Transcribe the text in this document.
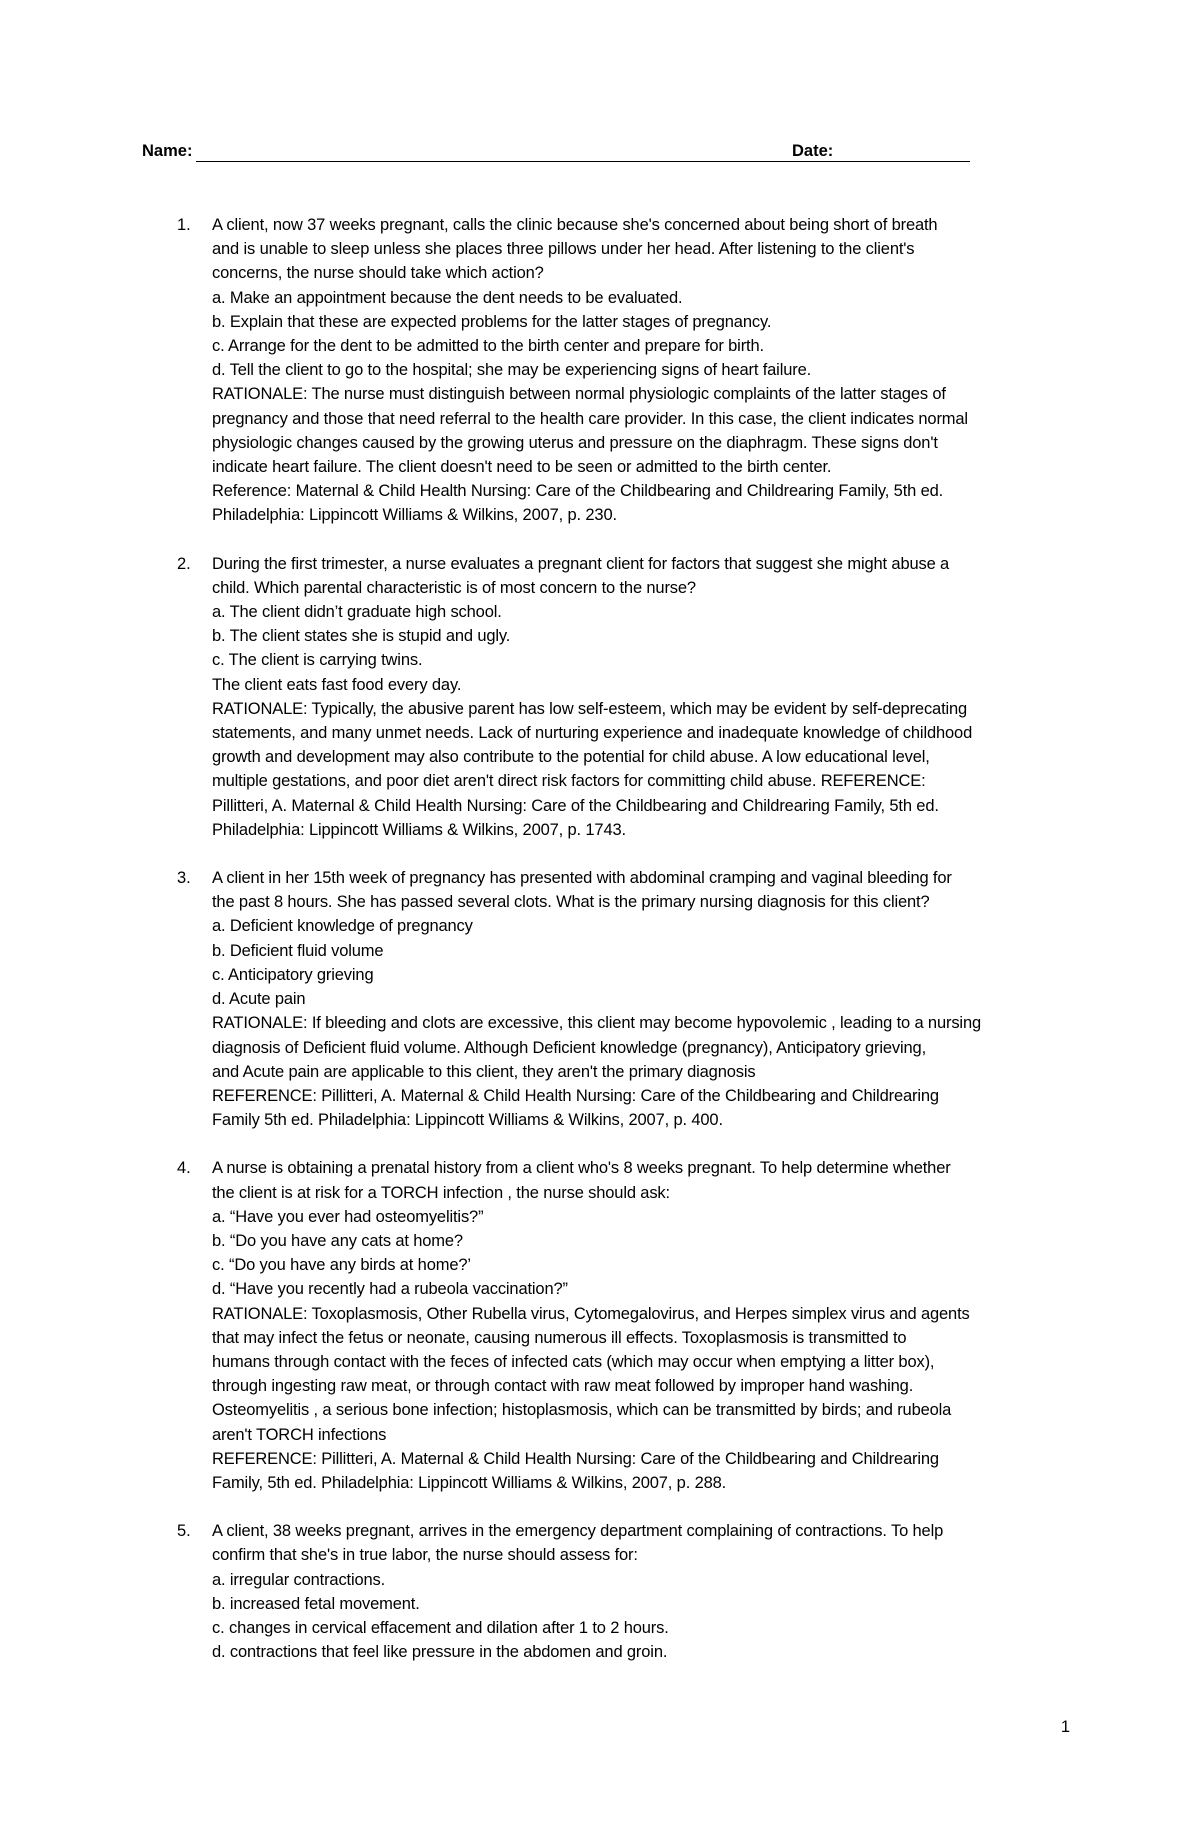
Name:	Date:
1. A client, now 37 weeks pregnant, calls the clinic because she's concerned about being short of breath
and is unable to sleep unless she places three pillows under her head. After listening to the client's
concerns, the nurse should take which action?
a. Make an appointment because the dent needs to be evaluated.
b. Explain that these are expected problems for the latter stages of pregnancy.
c. Arrange for the dent to be admitted to the birth center and prepare for birth.
d. Tell the client to go to the hospital; she may be experiencing signs of heart failure.
RATIONALE: The nurse must distinguish between normal physiologic complaints of the latter stages of
pregnancy and those that need referral to the health care provider. In this case, the client indicates normal
physiologic changes caused by the growing uterus and pressure on the diaphragm. These signs don't
indicate heart failure. The client doesn't need to be seen or admitted to the birth center.
Reference: Maternal & Child Health Nursing: Care of the Childbearing and Childrearing Family, 5th ed.
Philadelphia: Lippincott Williams & Wilkins, 2007, p. 230.
2. During the first trimester, a nurse evaluates a pregnant client for factors that suggest she might abuse a
child. Which parental characteristic is of most concern to the nurse?
a. The client didn’t graduate high school.
b. The client states she is stupid and ugly.
c. The client is carrying twins.
The client eats fast food every day.
RATIONALE: Typically, the abusive parent has low self-esteem, which may be evident by self-deprecating
statements, and many unmet needs. Lack of nurturing experience and inadequate knowledge of childhood
growth and development may also contribute to the potential for child abuse. A low educational level,
multiple gestations, and poor diet aren't direct risk factors for committing child abuse. REFERENCE:
Pillitteri, A. Maternal & Child Health Nursing: Care of the Childbearing and Childrearing Family, 5th ed.
Philadelphia: Lippincott Williams & Wilkins, 2007, p. 1743.
3. A client in her 15th week of pregnancy has presented with abdominal cramping and vaginal bleeding for
the past 8 hours. She has passed several clots. What is the primary nursing diagnosis for this client?
a. Deficient knowledge of pregnancy
b. Deficient fluid volume
c. Anticipatory grieving
d. Acute pain
RATIONALE: If bleeding and clots are excessive, this client may become hypovolemic , leading to a nursing
diagnosis of Deficient fluid volume. Although Deficient knowledge (pregnancy), Anticipatory grieving,
and Acute pain are applicable to this client, they aren't the primary diagnosis
REFERENCE: Pillitteri, A. Maternal & Child Health Nursing: Care of the Childbearing and Childrearing
Family 5th ed. Philadelphia: Lippincott Williams & Wilkins, 2007, p. 400.
4. A nurse is obtaining a prenatal history from a client who's 8 weeks pregnant. To help determine whether
the client is at risk for a TORCH infection , the nurse should ask:
a. “Have you ever had osteomyelitis?”
b. “Do you have any cats at home?
c. “Do you have any birds at home?’
d. “Have you recently had a rubeola vaccination?”
RATIONALE: Toxoplasmosis, Other Rubella virus, Cytomegalovirus, and Herpes simplex virus and agents
that may infect the fetus or neonate, causing numerous ill effects. Toxoplasmosis is transmitted to
humans through contact with the feces of infected cats (which may occur when emptying a litter box),
through ingesting raw meat, or through contact with raw meat followed by improper hand washing.
Osteomyelitis , a serious bone infection; histoplasmosis, which can be transmitted by birds; and rubeola
aren't TORCH infections
REFERENCE: Pillitteri, A. Maternal & Child Health Nursing: Care of the Childbearing and Childrearing
Family, 5th ed. Philadelphia: Lippincott Williams & Wilkins, 2007, p. 288.
5. A client, 38 weeks pregnant, arrives in the emergency department complaining of contractions. To help
confirm that she's in true labor, the nurse should assess for:
a. irregular contractions.
b. increased fetal movement.
c. changes in cervical effacement and dilation after 1 to 2 hours.
d. contractions that feel like pressure in the abdomen and groin.
1
